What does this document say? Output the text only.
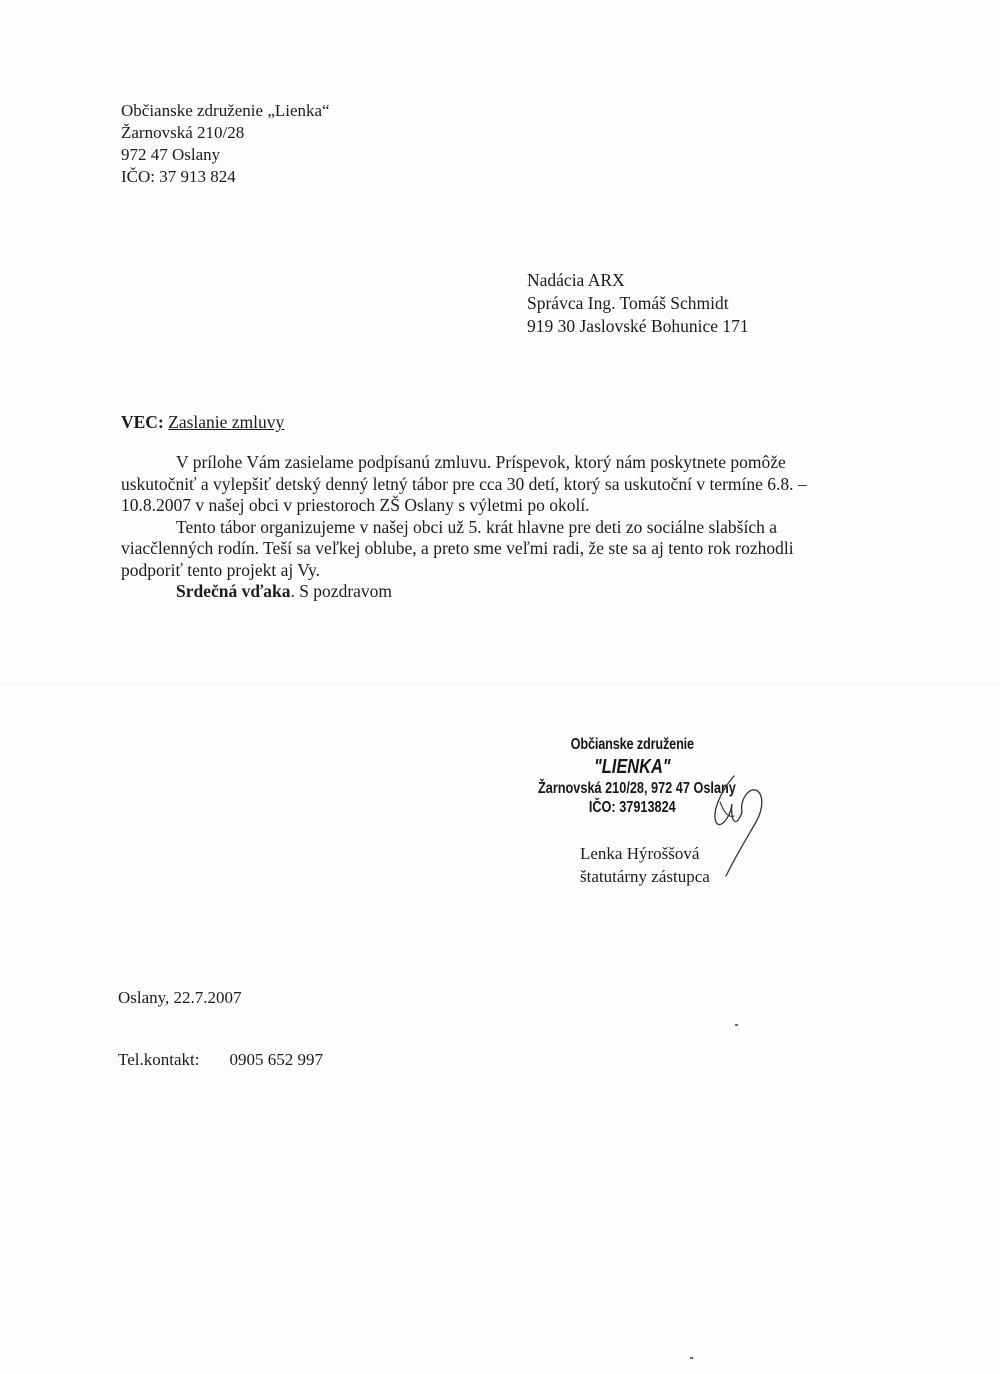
Občianske združenie „Lienka“
Žarnovská 210/28
972 47 Oslany
IČO: 37 913 824
Nadácia ARX
Správca Ing. Tomáš Schmidt
919 30 Jaslovské Bohunice 171
VEC: Zaslanie zmluvy

V prílohe Vám zasielame podpísanú zmluvu. Príspevok, ktorý nám poskytnete pomôže uskutočniť a vylepšiť detský denný letný tábor pre cca 30 detí, ktorý sa uskutoční v termíne 6.8. – 10.8.2007 v našej obci v priestoroch ZŠ Oslany s výletmi po okolí.

Tento tábor organizujeme v našej obci už 5. krát hlavne pre deti zo sociálne slabších a viacčlenných rodín. Teší sa veľkej oblube, a preto sme veľmi radi, že ste sa aj tento rok rozhodli podporiť tento projekt aj Vy.

Srdečná vďaka. S pozdravom

Občianske združenie
"LIENKA"
Žarnovská 210/28, 972 47 Oslany
IČO: 37913824
Lenka Hýroššová
štatutárny zástupca
Oslany, 22.7.2007
Tel.kontakt: 0905 652 997
